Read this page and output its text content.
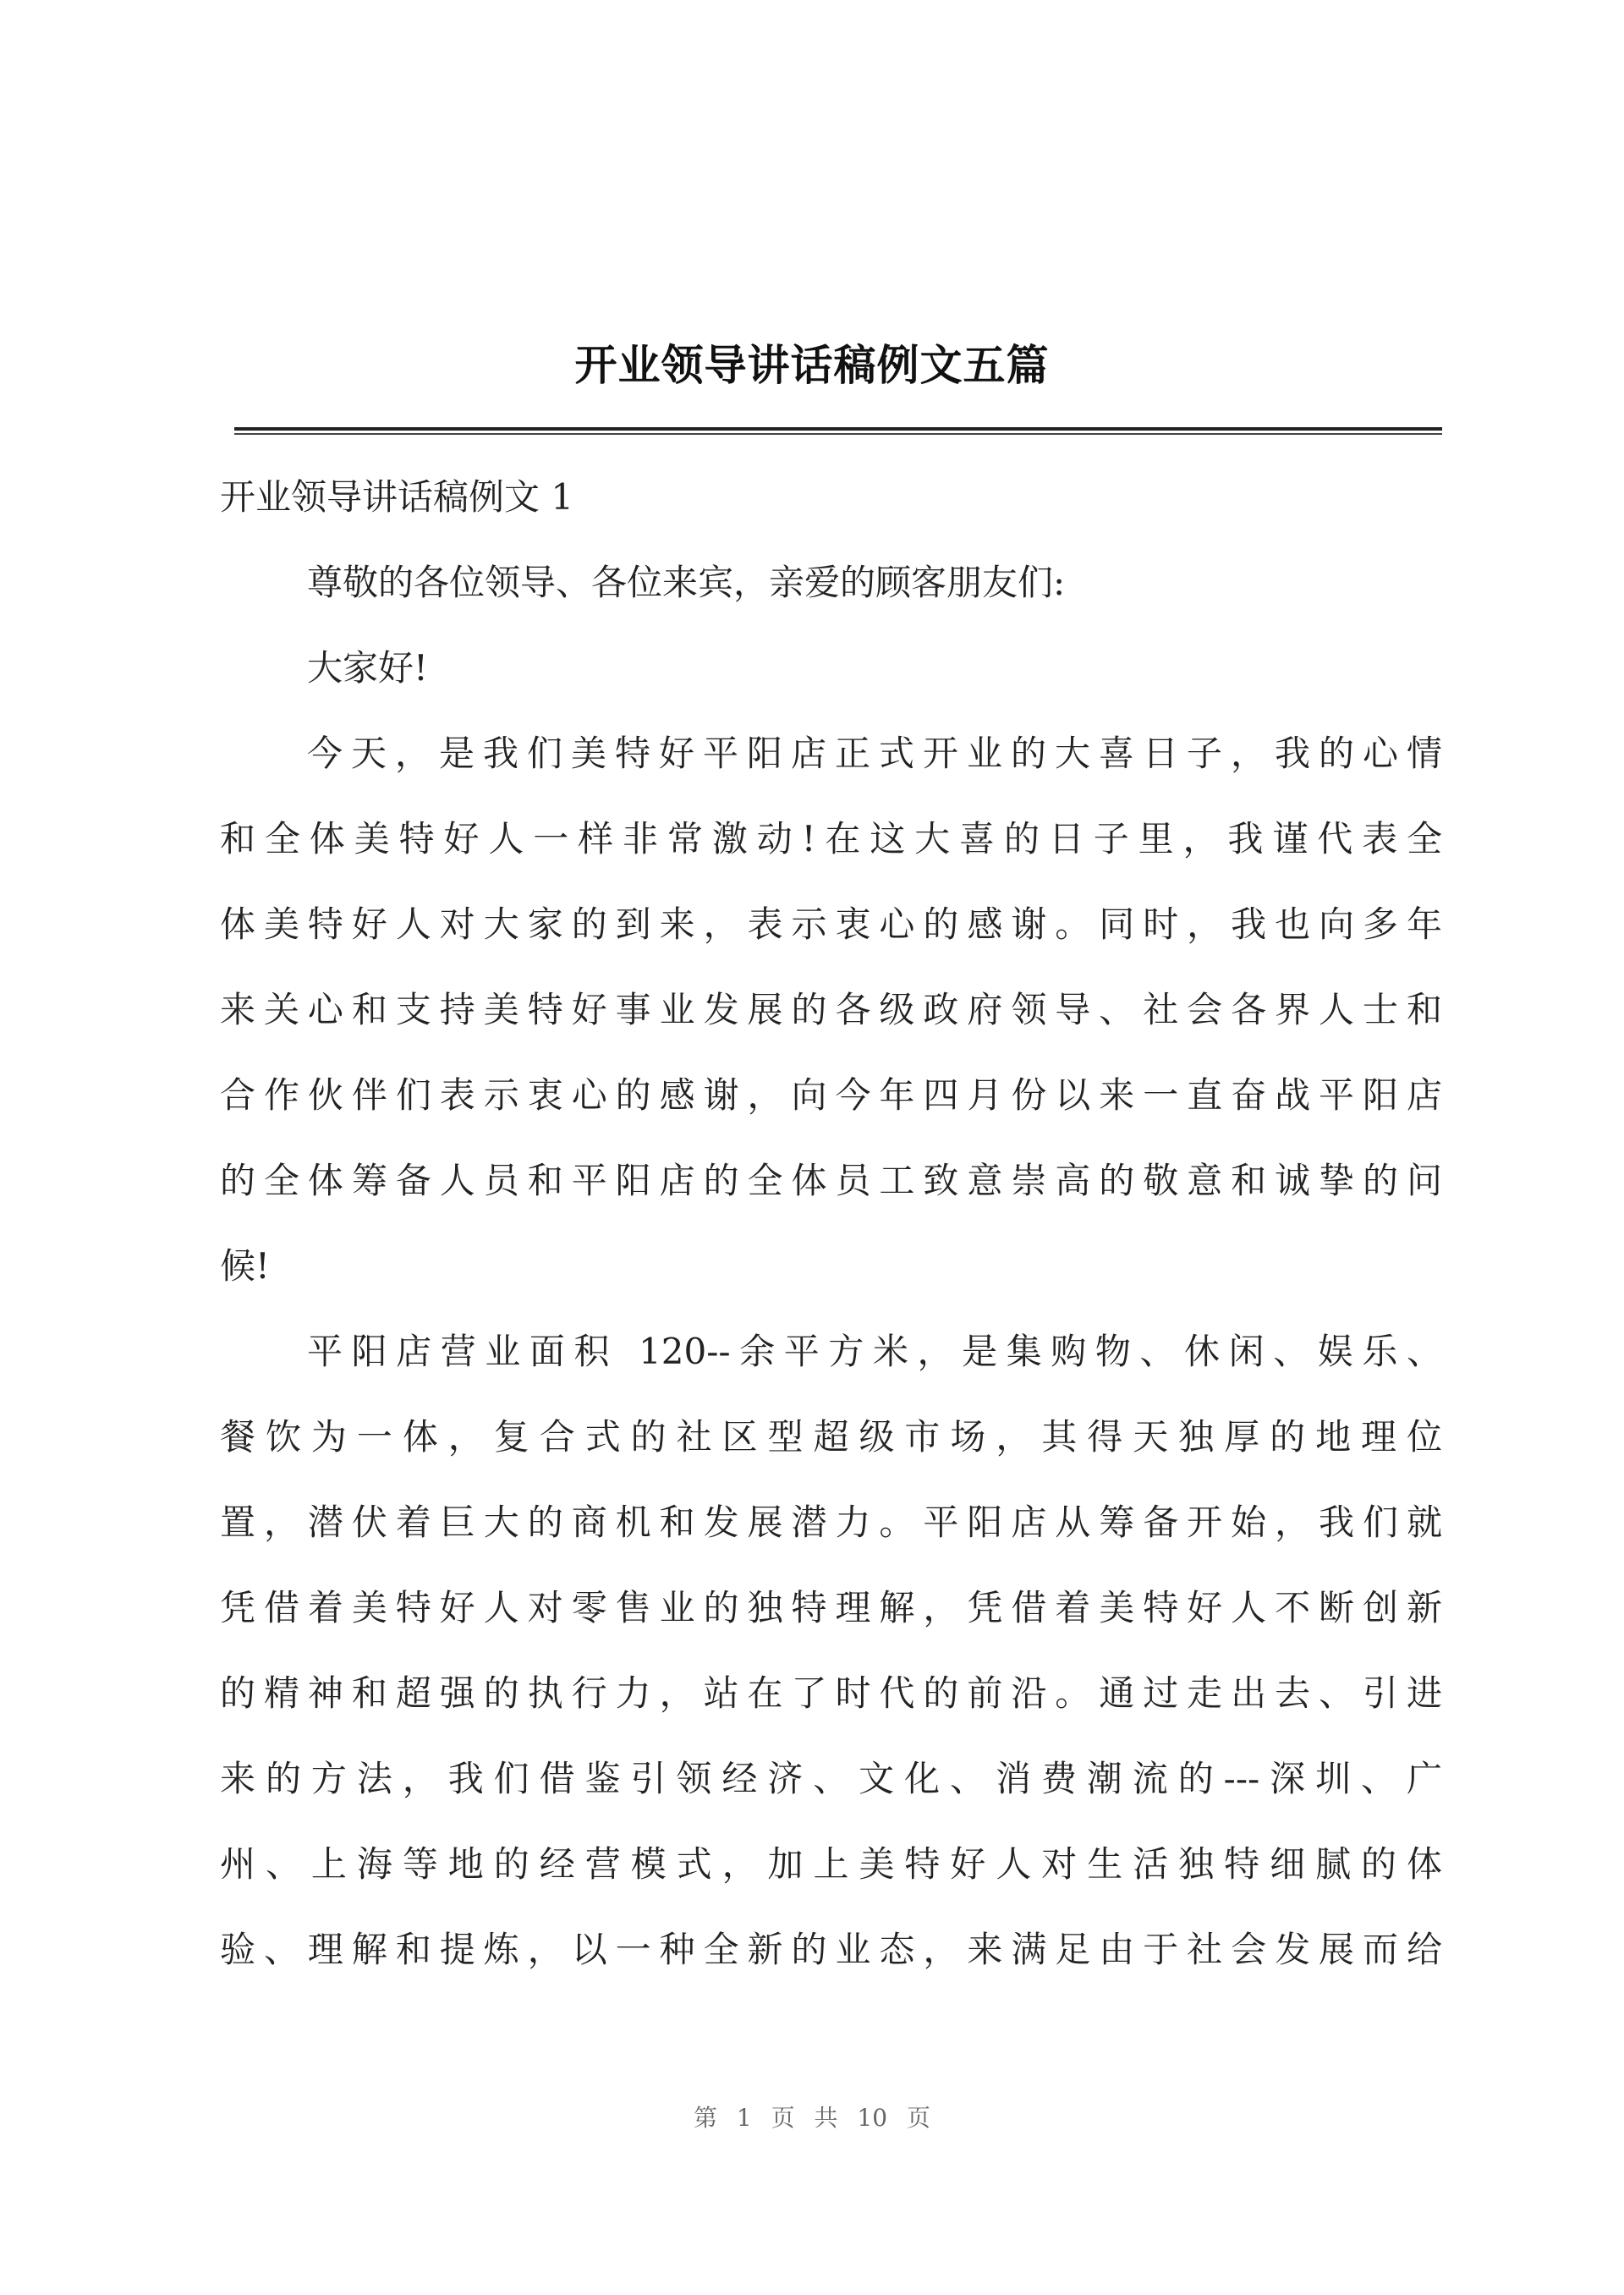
开业领导讲话稿例文五篇
开业领导讲话稿例文 1
尊敬的各位领导、各位来宾，亲爱的顾客朋友们:
大家好!
今天，是我们美特好平阳店正式开业的大喜日子，我的心情
和全体美特好人一样非常激动!在这大喜的日子里，我谨代表全
体美特好人对大家的到来，表示衷心的感谢。同时，我也向多年
来关心和支持美特好事业发展的各级政府领导、社会各界人士和
合作伙伴们表示衷心的感谢，向今年四月份以来一直奋战平阳店
的全体筹备人员和平阳店的全体员工致意崇高的敬意和诚挚的问
候!
平阳店营业面积 120--余平方米，是集购物、休闲、娱乐、
餐饮为一体，复合式的社区型超级市场，其得天独厚的地理位
置，潜伏着巨大的商机和发展潜力。平阳店从筹备开始，我们就
凭借着美特好人对零售业的独特理解，凭借着美特好人不断创新
的精神和超强的执行力，站在了时代的前沿。通过走出去、引进
来的方法，我们借鉴引领经济、文化、消费潮流的---深圳、广
州、上海等地的经营模式，加上美特好人对生活独特细腻的体
验、理解和提炼，以一种全新的业态，来满足由于社会发展而给
第 1 页 共 10 页
